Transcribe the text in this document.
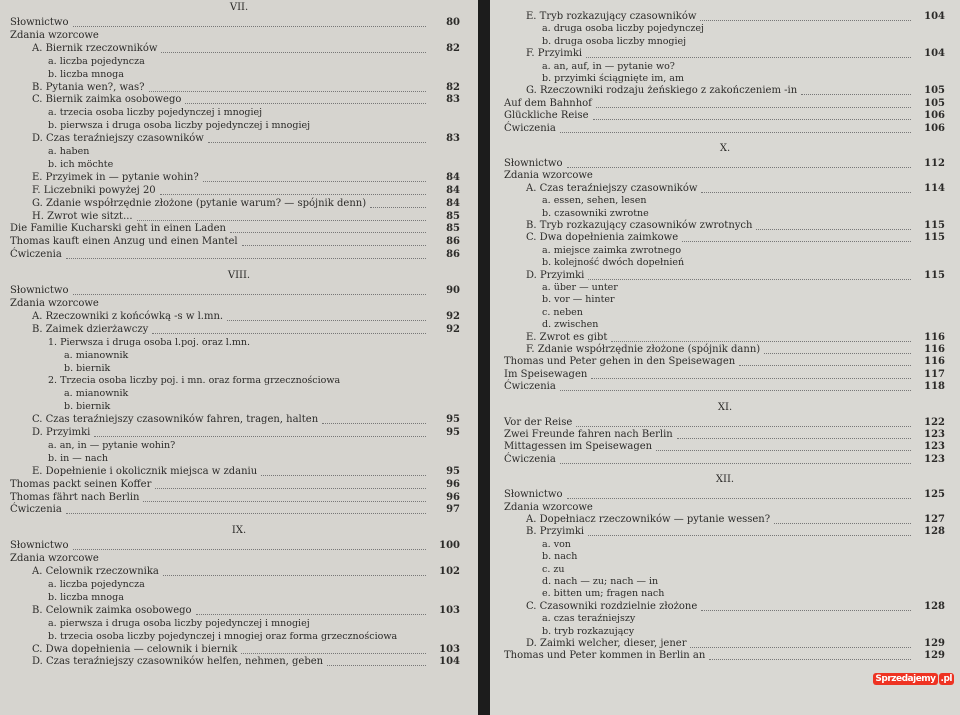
VII.
Słownictwo	80
Zdania wzorcowe
A. Biernik rzeczowników	82
a. liczba pojedyncza
b. liczba mnoga
B. Pytania wen?, was?	82
C. Biernik zaimka osobowego	83
a. trzecia osoba liczby pojedynczej i mnogiej
b. pierwsza i druga osoba liczby pojedynczej i mnogiej
D. Czas teraźniejszy czasowników	83
a. haben
b. ich möchte
E. Przyimek in — pytanie wohin?	84
F. Liczebniki powyżej 20	84
G. Zdanie współrzędnie złożone (pytanie warum? — spójnik denn)	84
H. Zwrot wie sitzt...	85
Die Familie Kucharski geht in einen Laden	85
Thomas kauft einen Anzug und einen Mantel	86
Ćwiczenia	86
VIII.
Słownictwo	90
Zdania wzorcowe
A. Rzeczowniki z końcówką -s w l.mn.	92
B. Zaimek dzierżawczy	92
1. Pierwsza i druga osoba l.poj. oraz l.mn.
a. mianownik
b. biernik
2. Trzecia osoba liczby poj. i mn. oraz forma grzecznościowa
a. mianownik
b. biernik
C. Czas teraźniejszy czasowników fahren, tragen, halten	95
D. Przyimki	95
a. an, in — pytanie wohin?
b. in — nach
E. Dopełnienie i okolicznik miejsca w zdaniu	95
Thomas packt seinen Koffer	96
Thomas fährt nach Berlin	96
Ćwiczenia	97
IX.
Słownictwo	100
Zdania wzorcowe
A. Celownik rzeczownika	102
a. liczba pojedyncza
b. liczba mnoga
B. Celownik zaimka osobowego	103
a. pierwsza i druga osoba liczby pojedynczej i mnogiej
b. trzecia osoba liczby pojedynczej i mnogiej oraz forma grzecznościowa
C. Dwa dopełnienia — celownik i biernik	103
D. Czas teraźniejszy czasowników helfen, nehmen, geben	104
E. Tryb rozkazujący czasowników	104
a. druga osoba liczby pojedynczej
b. druga osoba liczby mnogiej
F. Przyimki	104
a. an, auf, in — pytanie wo?
b. przyimki ściągnięte im, am
G. Rzeczowniki rodzaju żeńskiego z zakończeniem -in	105
Auf dem Bahnhof	105
Glückliche Reise	106
Ćwiczenia	106
X.
Słownictwo	112
Zdania wzorcowe
A. Czas teraźniejszy czasowników	114
a. essen, sehen, lesen
b. czasowniki zwrotne
B. Tryb rozkazujący czasowników zwrotnych	115
C. Dwa dopełnienia zaimkowe	115
a. miejsce zaimka zwrotnego
b. kolejność dwóch dopełnień
D. Przyimki	115
a. über — unter
b. vor — hinter
c. neben
d. zwischen
E. Zwrot es gibt	116
F. Zdanie współrzędnie złożone (spójnik dann)	116
Thomas und Peter gehen in den Speisewagen	116
Im Speisewagen	117
Ćwiczenia	118
XI.
Vor der Reise	122
Zwei Freunde fahren nach Berlin	123
Mittagessen im Speisewagen	123
Ćwiczenia	123
XII.
Słownictwo	125
Zdania wzorcowe
A. Dopełniacz rzeczowników — pytanie wessen?	127
B. Przyimki	128
a. von
b. nach
c. zu
d. nach — zu; nach — in
e. bitten um; fragen nach
C. Czasowniki rozdzielnie złożone	128
a. czas teraźniejszy
b. tryb rozkazujący
D. Zaimki welcher, dieser, jener	129
Thomas und Peter kommen in Berlin an	129
$^{Sprzedajemy}$ $^{.pl}$
